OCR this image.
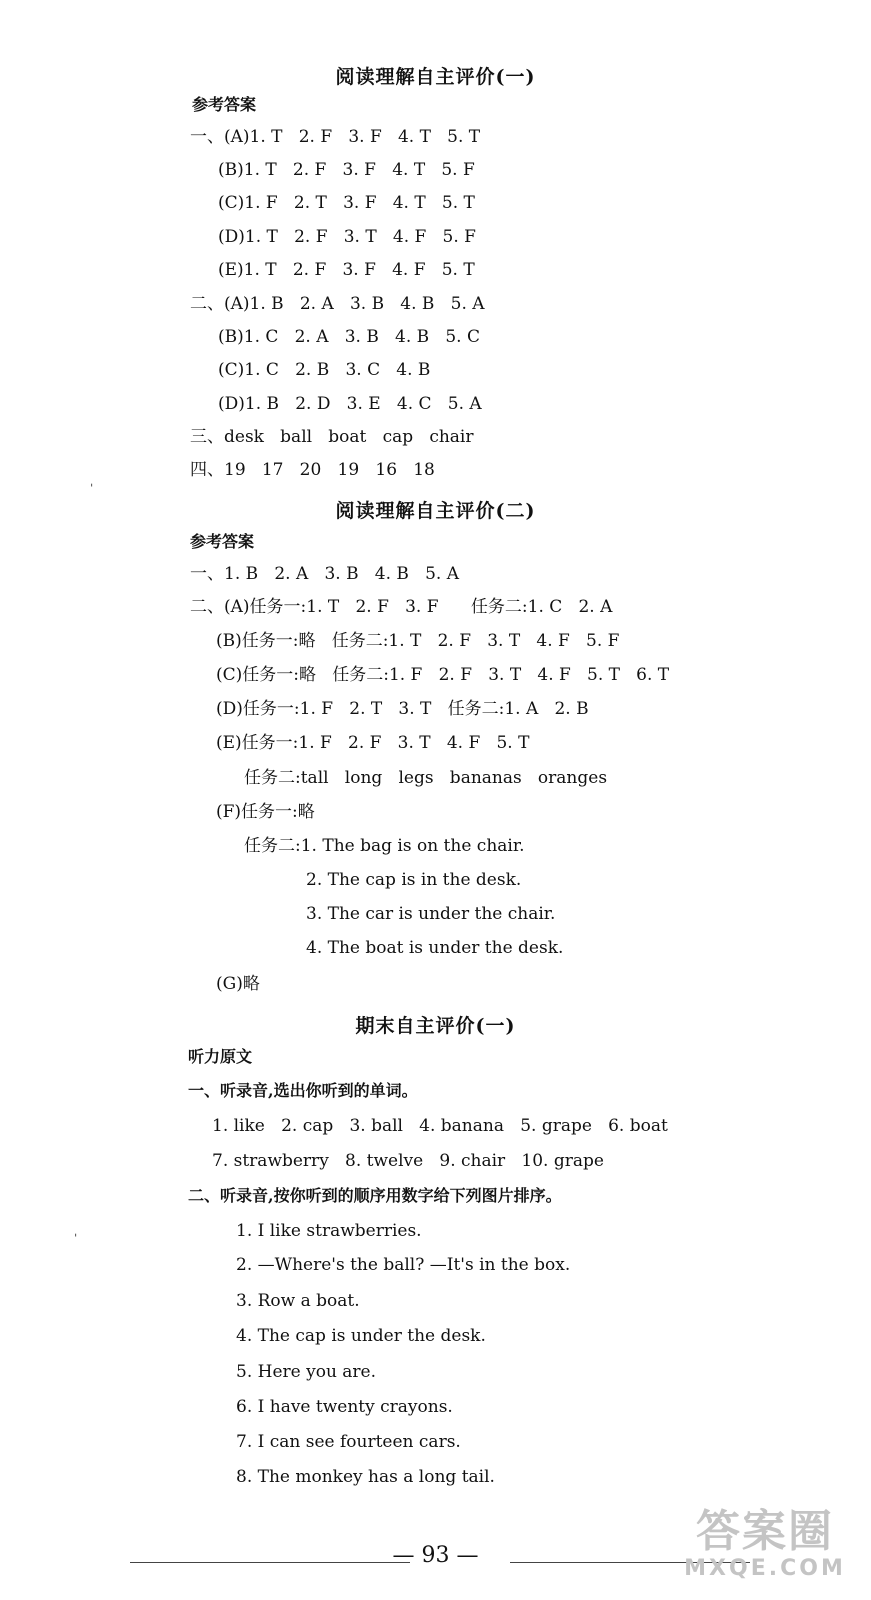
阅读理解自主评价(一)
参考答案
一、(A)1. T   2. F   3. F   4. T   5. T
(B)1. T   2. F   3. F   4. T   5. F
(C)1. F   2. T   3. F   4. T   5. T
(D)1. T   2. F   3. T   4. F   5. F
(E)1. T   2. F   3. F   4. F   5. T
二、(A)1. B   2. A   3. B   4. B   5. A
(B)1. C   2. A   3. B   4. B   5. C
(C)1. C   2. B   3. C   4. B
(D)1. B   2. D   3. E   4. C   5. A
三、desk   ball   boat   cap   chair
四、19   17   20   19   16   18
ˌ
阅读理解自主评价(二)
参考答案
一、1. B   2. A   3. B   4. B   5. A
二、(A)任务一:1. T   2. F   3. F      任务二:1. C   2. A
(B)任务一:略   任务二:1. T   2. F   3. T   4. F   5. F
(C)任务一:略   任务二:1. F   2. F   3. T   4. F   5. T   6. T
(D)任务一:1. F   2. T   3. T   任务二:1. A   2. B
(E)任务一:1. F   2. F   3. T   4. F   5. T
任务二:tall   long   legs   bananas   oranges
(F)任务一:略
任务二:1. The bag is on the chair.
2. The cap is in the desk.
3. The car is under the chair.
4. The boat is under the desk.
(G)略
期末自主评价(一)
听力原文
一、听录音,选出你听到的单词。
1. like   2. cap   3. ball   4. banana   5. grape   6. boat
7. strawberry   8. twelve   9. chair   10. grape
二、听录音,按你听到的顺序用数字给下列图片排序。
1. I like strawberries.
ˌ
2. —Where's the ball? —It's in the box.
3. Row a boat.
4. The cap is under the desk.
5. Here you are.
6. I have twenty crayons.
7. I can see fourteen cars.
8. The monkey has a long tail.
— 93 —	答案圈
MXQE.COM
